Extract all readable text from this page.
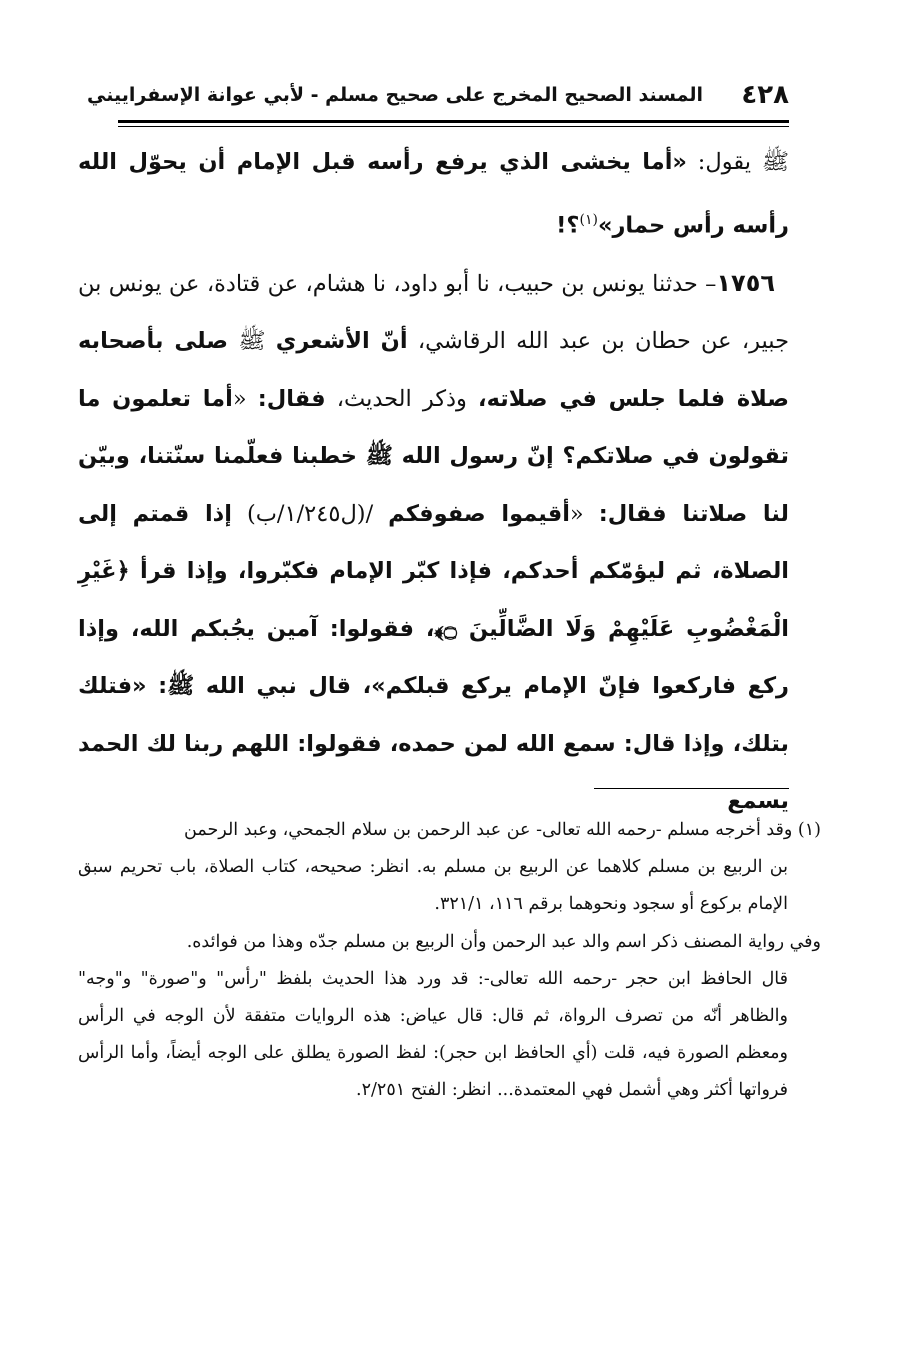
٤٢٨
المسند الصحيح المخرج على صحيح مسلم - لأبي عوانة الإسفراييني

ﷺ يقول: «أما يخشى الذي يرفع رأسه قبل الإمام أن يحوّل الله رأسه رأس حمار»$^{(١)}$؟!

١٧٥٦– حدثنا يونس بن حبيب، نا أبو داود، نا هشام، عن قتادة، عن يونس بن جبير، عن حطان بن عبد الله الرقاشي، أنّ الأشعري ﷺ صلى بأصحابه صلاة فلما جلس في صلاته، وذكر الحديث، فقال: «أما تعلمون ما تقولون في صلاتكم؟ إنّ رسول الله ﷺ خطبنا فعلّمنا سنّتنا، وبيّن لنا صلاتنا فقال: «أقيموا صفوفكم /(ل١/٢٤٥/ب) إذا قمتم إلى الصلاة، ثم ليؤمّكم أحدكم، فإذا كبّر الإمام فكبّروا، وإذا قرأ ﴿غَيْرِ الْمَغْضُوبِ عَلَيْهِمْ وَلَا الضَّالِّينَ ۝﴾، فقولوا: آمين يجُبكم الله، وإذا ركع فاركعوا فإنّ الإمام يركع قبلكم»، قال نبي الله ﷺ: «فتلك بتلك، وإذا قال: سمع الله لمن حمده، فقولوا: اللهم ربنا لك الحمد يسمع

(١) وقد أخرجه مسلم -رحمه الله تعالى- عن عبد الرحمن بن سلام الجمحي، وعبد الرحمن

بن الربيع بن مسلم كلاهما عن الربيع بن مسلم به. انظر: صحيحه، كتاب الصلاة، باب تحريم سبق الإمام بركوع أو سجود ونحوهما برقم ١١٦، ٣٢١/١.

وفي رواية المصنف ذكر اسم والد عبد الرحمن وأن الربيع بن مسلم جدّه وهذا من فوائده.

قال الحافظ ابن حجر -رحمه الله تعالى-: قد ورد هذا الحديث بلفظ "رأس" و"صورة" و"وجه" والظاهر أنّه من تصرف الرواة، ثم قال: قال عياض: هذه الروايات متفقة لأن الوجه في الرأس ومعظم الصورة فيه، قلت (أي الحافظ ابن حجر): لفظ الصورة يطلق على الوجه أيضاً، وأما الرأس فرواتها أكثر وهي أشمل فهي المعتمدة... انظر: الفتح ٢/٢٥١.
